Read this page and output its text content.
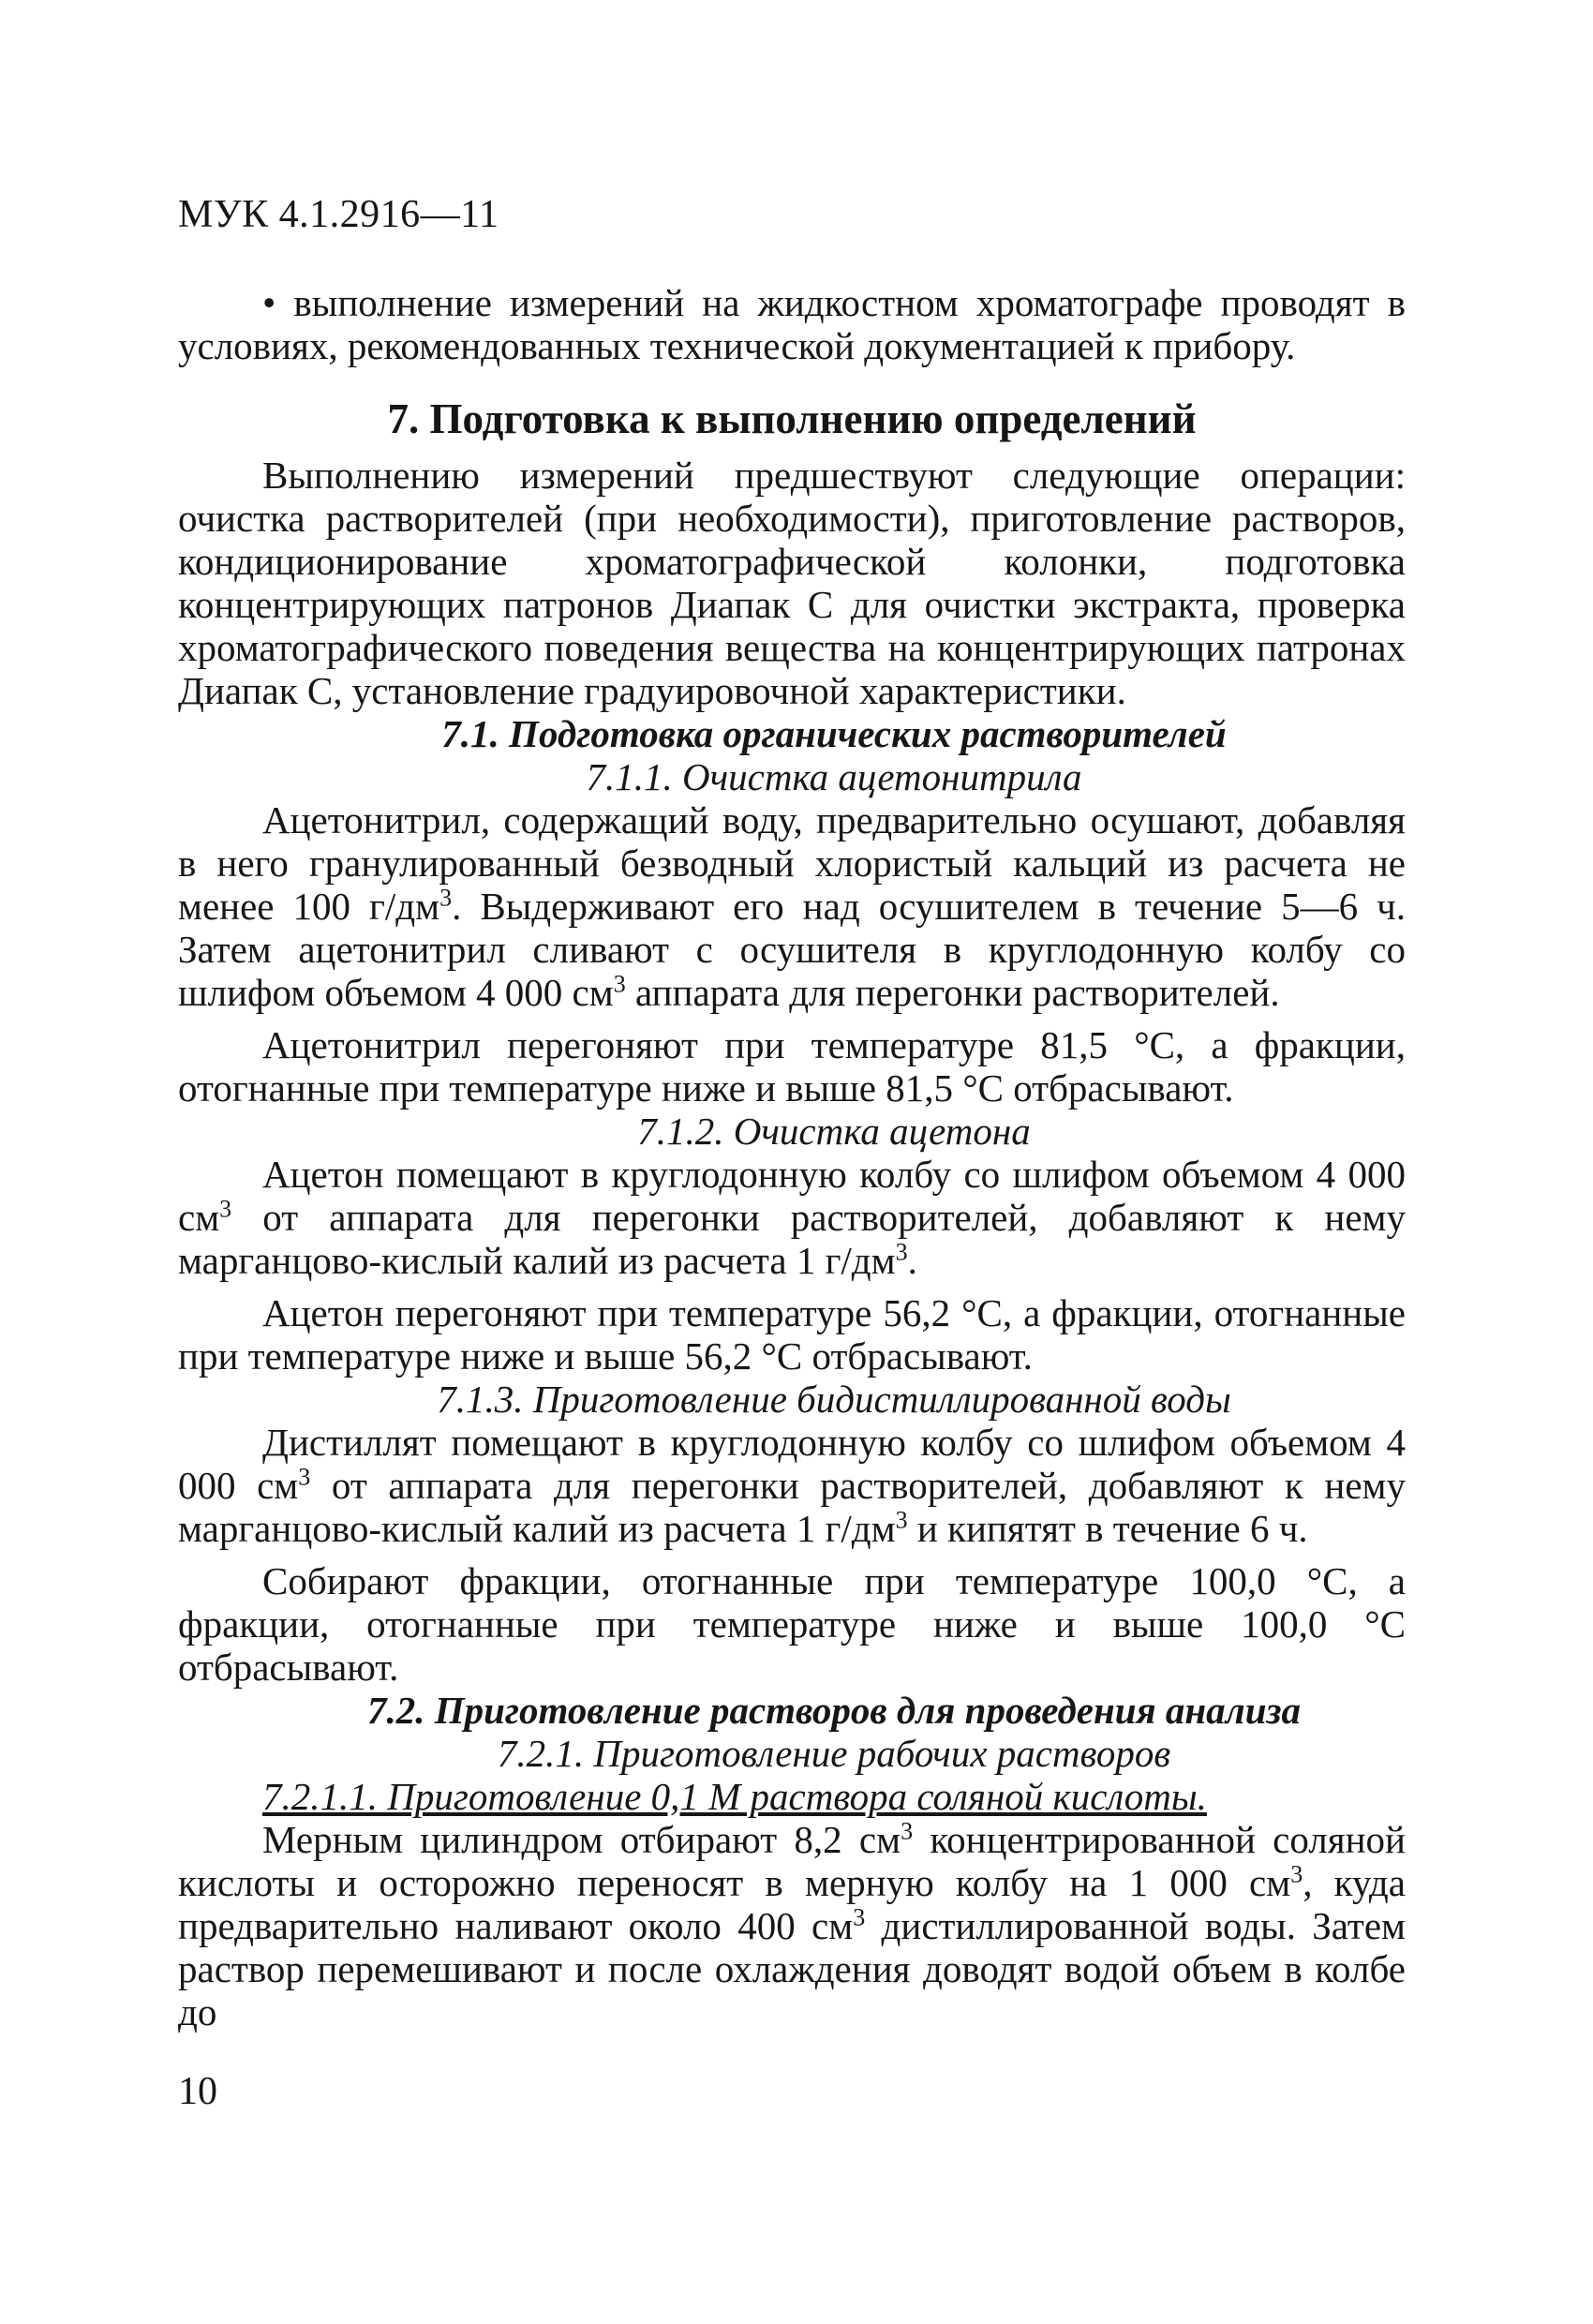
МУК 4.1.2916—11

• выполнение измерений на жидкостном хроматографе проводят в условиях, рекомендованных технической документацией к прибору.

7. Подготовка к выполнению определений

Выполнению измерений предшествуют следующие операции: очистка растворителей (при необходимости), приготовление растворов, кондиционирование хроматографической колонки, подготовка концентрирующих патронов Диапак С для очистки экстракта, проверка хроматографического поведения вещества на концентрирующих патронах Диапак С, установление градуировочной характеристики.

7.1. Подготовка органических растворителей

7.1.1. Очистка ацетонитрила

Ацетонитрил, содержащий воду, предварительно осушают, добавляя в него гранулированный безводный хлористый кальций из расчета не менее 100 $г/дм^3$. Выдерживают его над осушителем в течение 5—6 ч. Затем ацетонитрил сливают с осушителя в круглодонную колбу со шлифом объемом 4 000 $см^3$ аппарата для перегонки растворителей.

Ацетонитрил перегоняют при температуре 81,5 °С, а фракции, отогнанные при температуре ниже и выше 81,5 °С отбрасывают.

7.1.2. Очистка ацетона

Ацетон помещают в круглодонную колбу со шлифом объемом 4 000 $см^3$ от аппарата для перегонки растворителей, добавляют к нему марганцово-кислый калий из расчета 1 $г/дм^3$.

Ацетон перегоняют при температуре 56,2 °С, а фракции, отогнанные при температуре ниже и выше 56,2 °С отбрасывают.

7.1.3. Приготовление бидистиллированной воды

Дистиллят помещают в круглодонную колбу со шлифом объемом 4 000 $см^3$ от аппарата для перегонки растворителей, добавляют к нему марганцово-кислый калий из расчета 1 $г/дм^3$ и кипятят в течение 6 ч.

Собирают фракции, отогнанные при температуре 100,0 °С, а фракции, отогнанные при температуре ниже и выше 100,0 °С отбрасывают.

7.2. Приготовление растворов для проведения анализа

7.2.1. Приготовление рабочих растворов

7.2.1.1. Приготовление 0,1 М раствора соляной кислоты.

Мерным цилиндром отбирают 8,2 $см^3$ концентрированной соляной кислоты и осторожно переносят в мерную колбу на 1 000 $см^3$, куда предварительно наливают около 400 $см^3$ дистиллированной воды. Затем раствор перемешивают и после охлаждения доводят водой объем в колбе до

10
